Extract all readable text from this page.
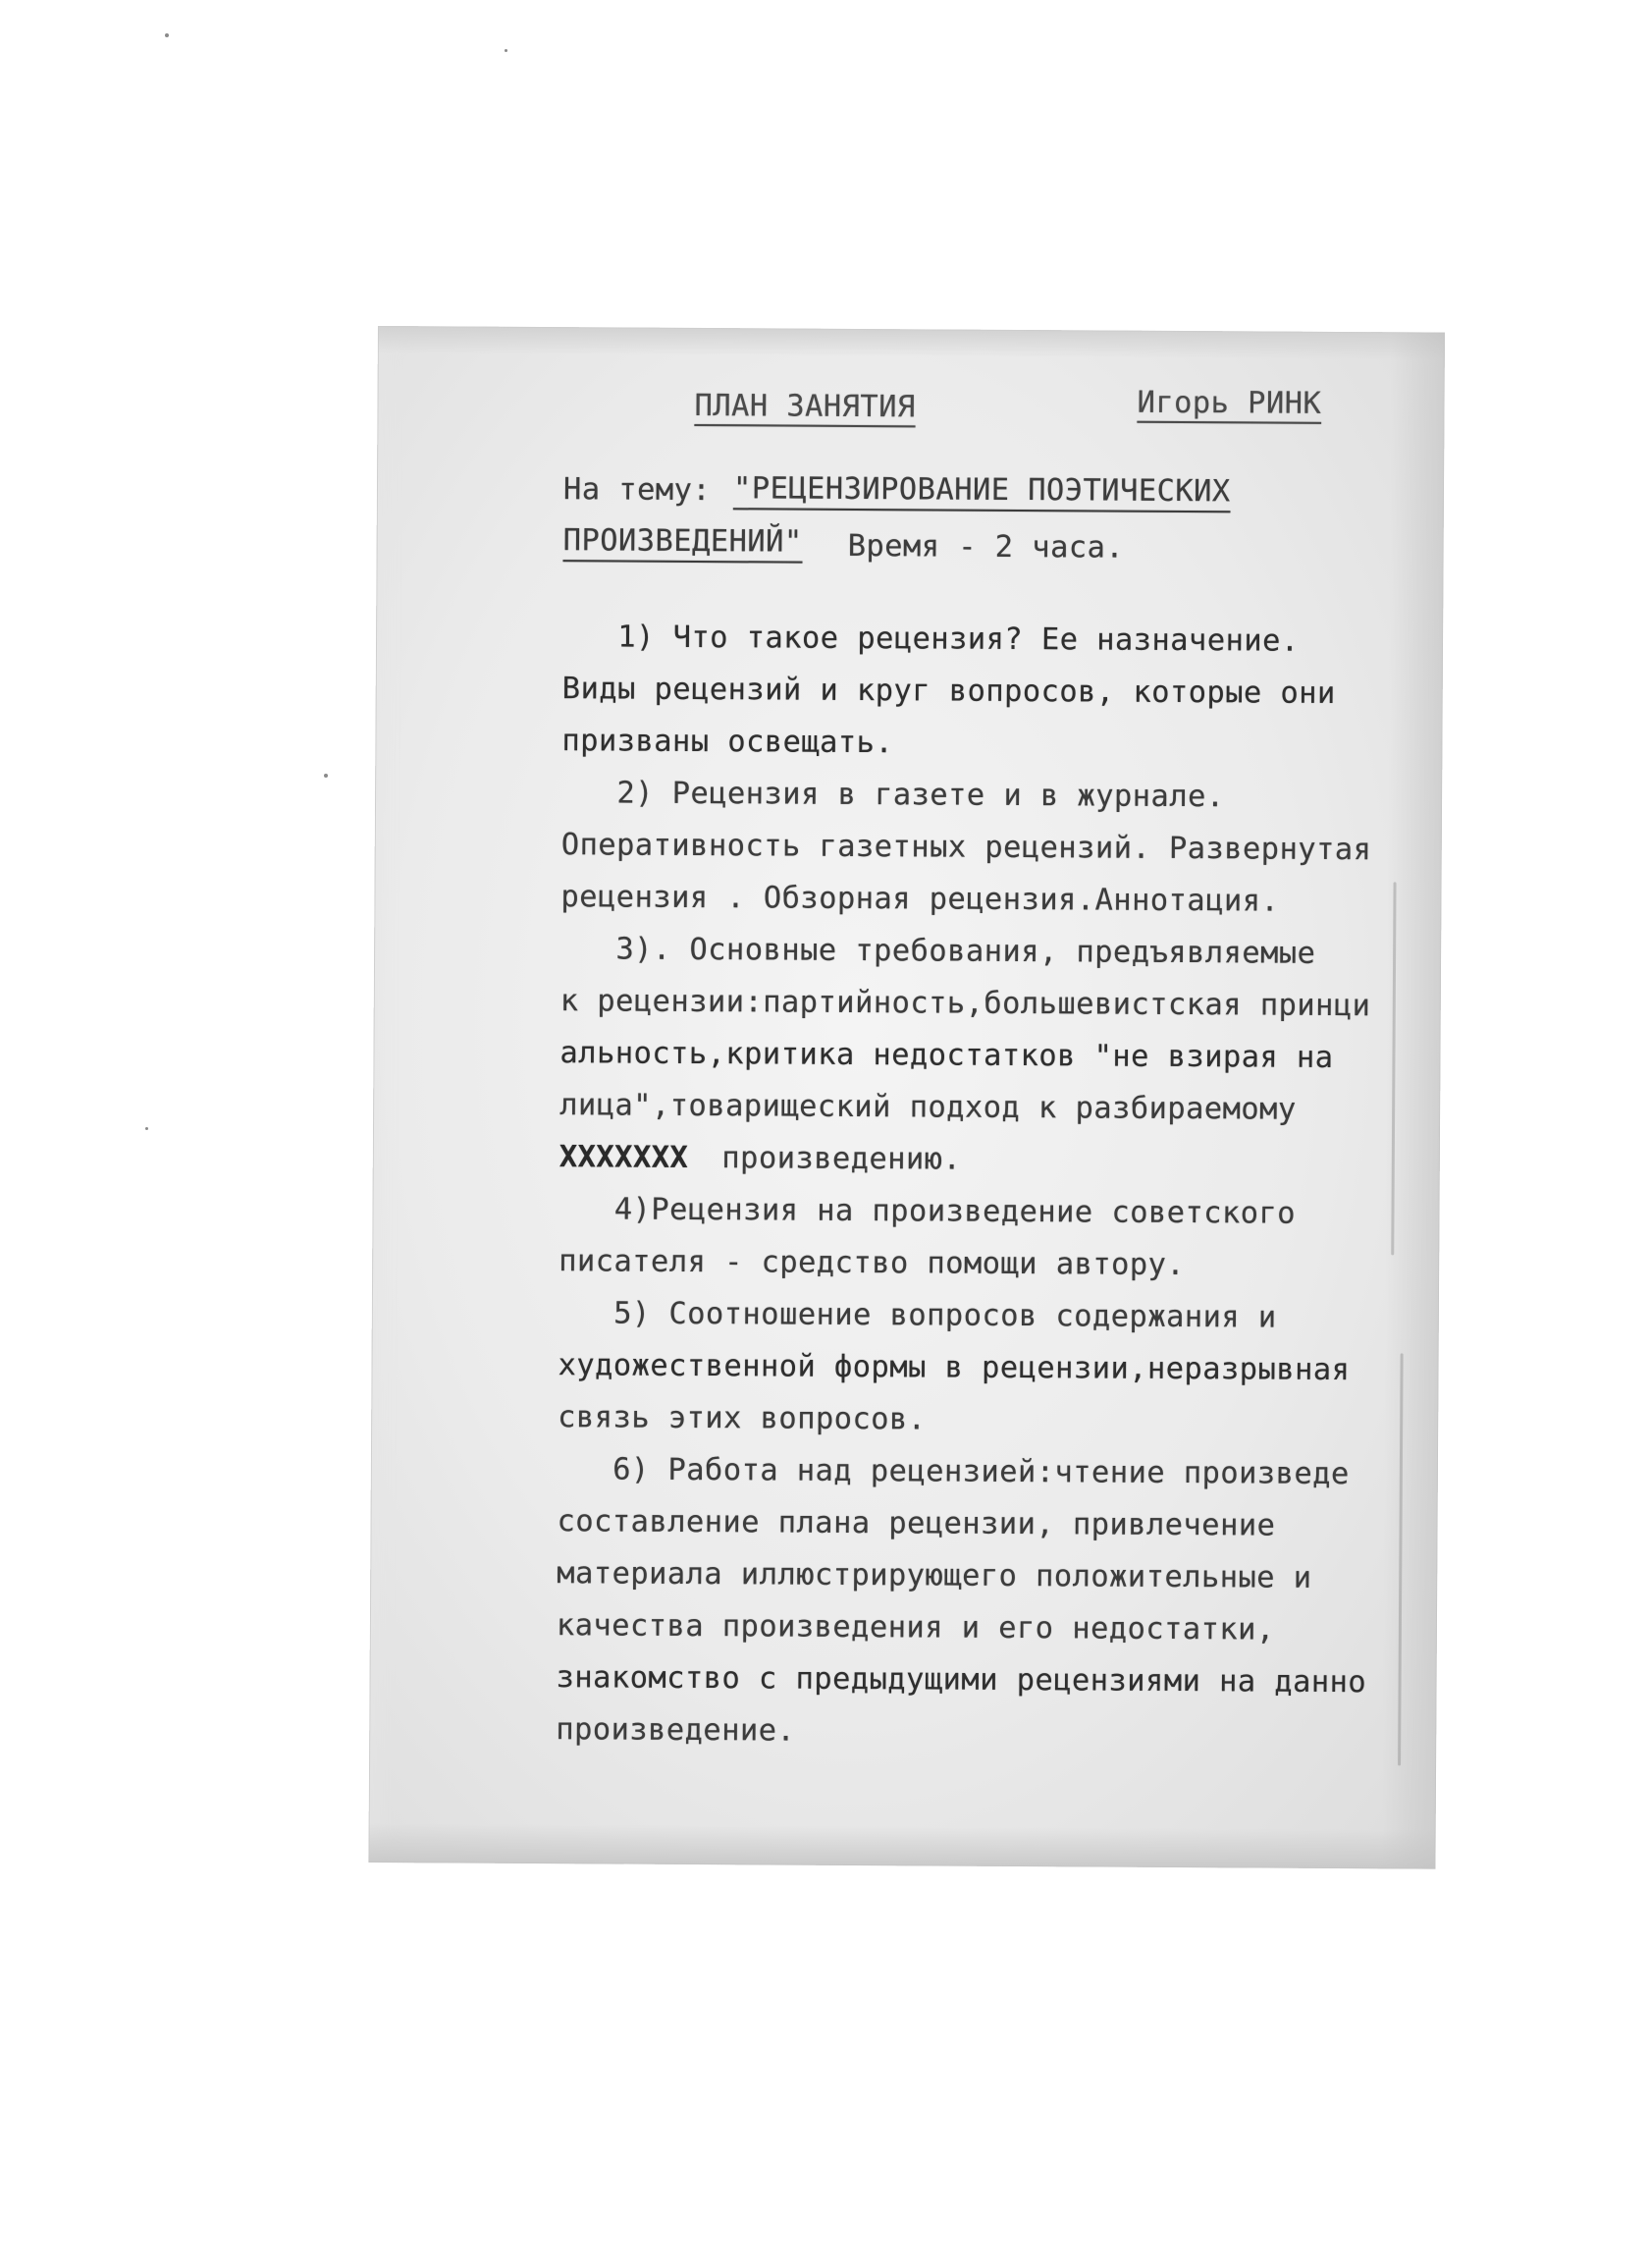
ПЛАН ЗАНЯТИЯ	Игорь РИНК
На тему: "РЕЦЕНЗИРОВАНИЕ ПОЭТИЧЕСКИХ
ПРОИЗВЕДЕНИЙ" Время - 2 часа.
1) Что такое рецензия? Ее назначение.
Виды рецензий и круг вопросов, которые они
призваны освещать.
2) Рецензия в газете и в журнале.
Оперативность газетных рецензий. Развернутая
рецензия . Обзорная рецензия.Аннотация.
3). Основные требования, предъявляемые
к рецензии:партийность,большевистская принци
альность,критика недостатков "не взирая на
лица",товарищеский подход к разбираемому
ХХХХХХХ
произведению.
4)Рецензия на произведение советского
писателя - средство помощи автору.
5) Соотношение вопросов содержания и
художественной формы в рецензии,неразрывная
связь этих вопросов.
6) Работа над рецензией:чтение произведе
составление плана рецензии, привлечение
материала иллюстрирующего положительные и
качества произведения и его недостатки,
знакомство с предыдущими рецензиями на данно
произведение.
